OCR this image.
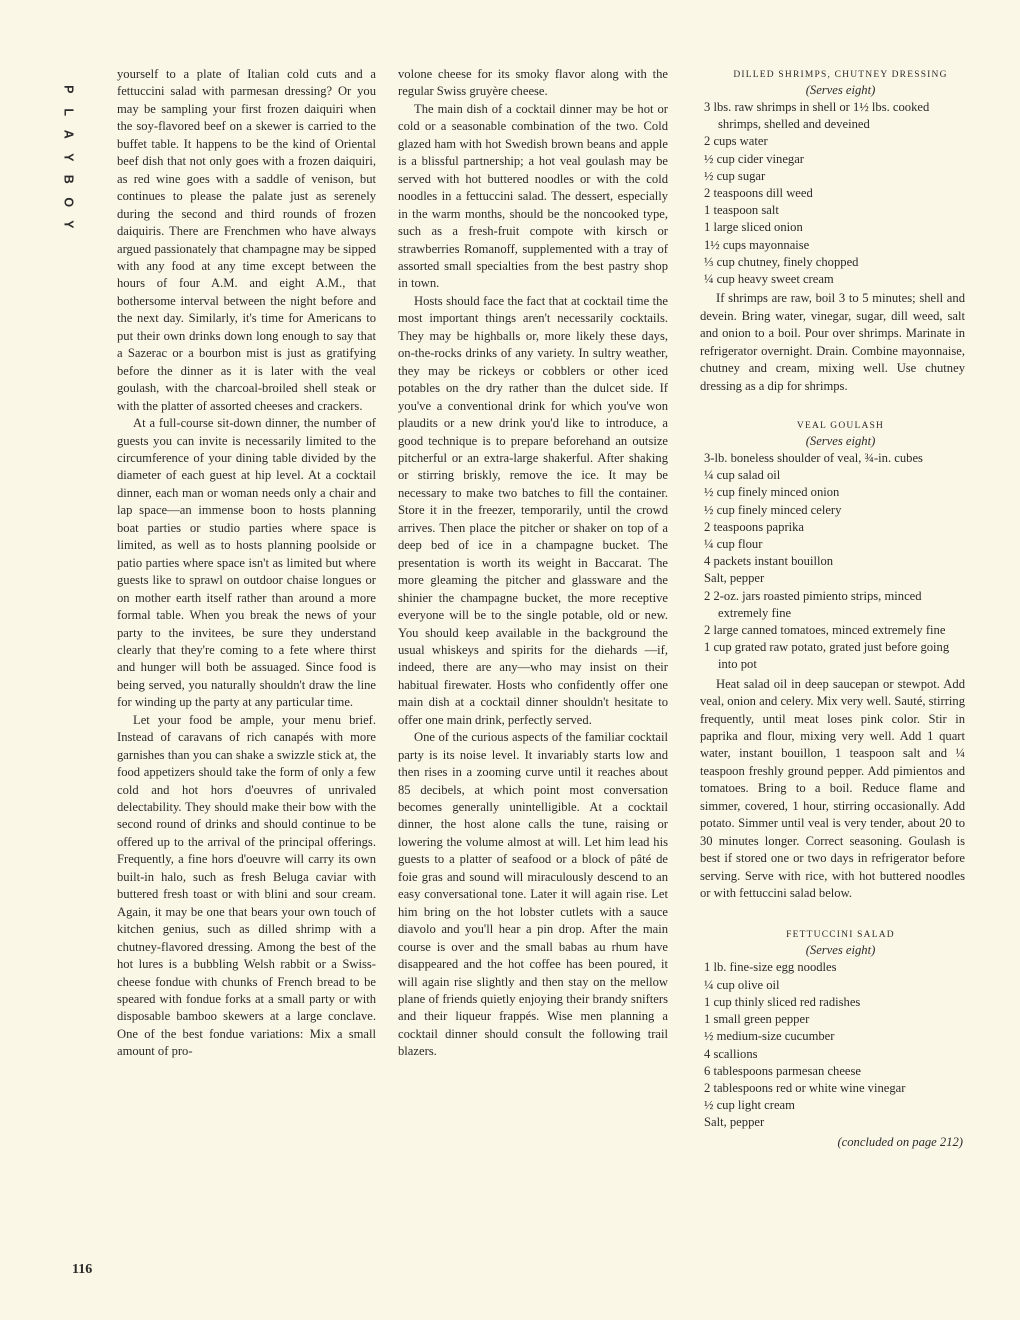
P
L
A
Y
B
O
Y
116

yourself to a plate of Italian cold cuts and a fettuccini salad with parmesan dressing? Or you may be sampling your first frozen daiquiri when the soy-flavored beef on a skewer is carried to the buffet table. It happens to be the kind of Oriental beef dish that not only goes with a frozen daiquiri, as red wine goes with a saddle of venison, but continues to please the palate just as serenely during the second and third rounds of frozen daiquiris. There are Frenchmen who have always argued passionately that champagne may be sipped with any food at any time except between the hours of four A.M. and eight A.M., that bothersome interval between the night before and the next day. Similarly, it's time for Americans to put their own drinks down long enough to say that a Sazerac or a bourbon mist is just as gratifying before the dinner as it is later with the veal goulash, with the charcoal-broiled shell steak or with the platter of assorted cheeses and crackers.

At a full-course sit-down dinner, the number of guests you can invite is necessarily limited to the circumference of your dining table divided by the diameter of each guest at hip level. At a cocktail dinner, each man or woman needs only a chair and lap space—an immense boon to hosts planning boat parties or studio parties where space is limited, as well as to hosts planning poolside or patio parties where space isn't as limited but where guests like to sprawl on outdoor chaise longues or on mother earth itself rather than around a more formal table. When you break the news of your party to the invitees, be sure they understand clearly that they're coming to a fete where thirst and hunger will both be assuaged. Since food is being served, you naturally shouldn't draw the line for winding up the party at any particular time.

Let your food be ample, your menu brief. Instead of caravans of rich canapés with more garnishes than you can shake a swizzle stick at, the food appetizers should take the form of only a few cold and hot hors d'oeuvres of unrivaled delectability. They should make their bow with the second round of drinks and should continue to be offered up to the arrival of the principal offerings. Frequently, a fine hors d'oeuvre will carry its own built-in halo, such as fresh Beluga caviar with buttered fresh toast or with blini and sour cream. Again, it may be one that bears your own touch of kitchen genius, such as dilled shrimp with a chutney-flavored dressing. Among the best of the hot lures is a bubbling Welsh rabbit or a Swiss-cheese fondue with chunks of French bread to be speared with fondue forks at a small party or with disposable bamboo skewers at a large conclave. One of the best fondue variations: Mix a small amount of pro-

volone cheese for its smoky flavor along with the regular Swiss gruyère cheese.

The main dish of a cocktail dinner may be hot or cold or a seasonable combination of the two. Cold glazed ham with hot Swedish brown beans and apple is a blissful partnership; a hot veal goulash may be served with hot buttered noodles or with the cold noodles in a fettuccini salad. The dessert, especially in the warm months, should be the noncooked type, such as a fresh-fruit compote with kirsch or strawberries Romanoff, supplemented with a tray of assorted small specialties from the best pastry shop in town.

Hosts should face the fact that at cocktail time the most important things aren't necessarily cocktails. They may be highballs or, more likely these days, on-the-rocks drinks of any variety. In sultry weather, they may be rickeys or cobblers or other iced potables on the dry rather than the dulcet side. If you've a conventional drink for which you've won plaudits or a new drink you'd like to introduce, a good technique is to prepare beforehand an outsize pitcherful or an extra-large shakerful. After shaking or stirring briskly, remove the ice. It may be necessary to make two batches to fill the container. Store it in the freezer, temporarily, until the crowd arrives. Then place the pitcher or shaker on top of a deep bed of ice in a champagne bucket. The presentation is worth its weight in Baccarat. The more gleaming the pitcher and glassware and the shinier the champagne bucket, the more receptive everyone will be to the single potable, old or new. You should keep available in the background the usual whiskeys and spirits for the diehards —if, indeed, there are any—who may insist on their habitual firewater. Hosts who confidently offer one main dish at a cocktail dinner shouldn't hesitate to offer one main drink, perfectly served.

One of the curious aspects of the familiar cocktail party is its noise level. It invariably starts low and then rises in a zooming curve until it reaches about 85 decibels, at which point most conversation becomes generally unintelligible. At a cocktail dinner, the host alone calls the tune, raising or lowering the volume almost at will. Let him lead his guests to a platter of seafood or a block of pâté de foie gras and sound will miraculously descend to an easy conversational tone. Later it will again rise. Let him bring on the hot lobster cutlets with a sauce diavolo and you'll hear a pin drop. After the main course is over and the small babas au rhum have disappeared and the hot coffee has been poured, it will again rise slightly and then stay on the mellow plane of friends quietly enjoying their brandy snifters and their liqueur frappés. Wise men planning a cocktail dinner should consult the following trail blazers.

DILLED SHRIMPS, CHUTNEY DRESSING

(Serves eight)

3 lbs. raw shrimps in shell or 1½ lbs. cooked shrimps, shelled and deveined
2 cups water
½ cup cider vinegar
½ cup sugar
2 teaspoons dill weed
1 teaspoon salt
1 large sliced onion
1½ cups mayonnaise
⅓ cup chutney, finely chopped
¼ cup heavy sweet cream

If shrimps are raw, boil 3 to 5 minutes; shell and devein. Bring water, vinegar, sugar, dill weed, salt and onion to a boil. Pour over shrimps. Marinate in refrigerator overnight. Drain. Combine mayonnaise, chutney and cream, mixing well. Use chutney dressing as a dip for shrimps.

VEAL GOULASH

(Serves eight)

3-lb. boneless shoulder of veal, ¾-in. cubes
¼ cup salad oil
½ cup finely minced onion
½ cup finely minced celery
2 teaspoons paprika
¼ cup flour
4 packets instant bouillon
Salt, pepper
2 2-oz. jars roasted pimiento strips, minced extremely fine
2 large canned tomatoes, minced extremely fine
1 cup grated raw potato, grated just before going into pot

Heat salad oil in deep saucepan or stewpot. Add veal, onion and celery. Mix very well. Sauté, stirring frequently, until meat loses pink color. Stir in paprika and flour, mixing very well. Add 1 quart water, instant bouillon, 1 teaspoon salt and ¼ teaspoon freshly ground pepper. Add pimientos and tomatoes. Bring to a boil. Reduce flame and simmer, covered, 1 hour, stirring occasionally. Add potato. Simmer until veal is very tender, about 20 to 30 minutes longer. Correct seasoning. Goulash is best if stored one or two days in refrigerator before serving. Serve with rice, with hot buttered noodles or with fettuccini salad below.

FETTUCCINI SALAD

(Serves eight)

1 lb. fine-size egg noodles
¼ cup olive oil
1 cup thinly sliced red radishes
1 small green pepper
½ medium-size cucumber
4 scallions
6 tablespoons parmesan cheese
2 tablespoons red or white wine vinegar
½ cup light cream
Salt, pepper

(concluded on page 212)
